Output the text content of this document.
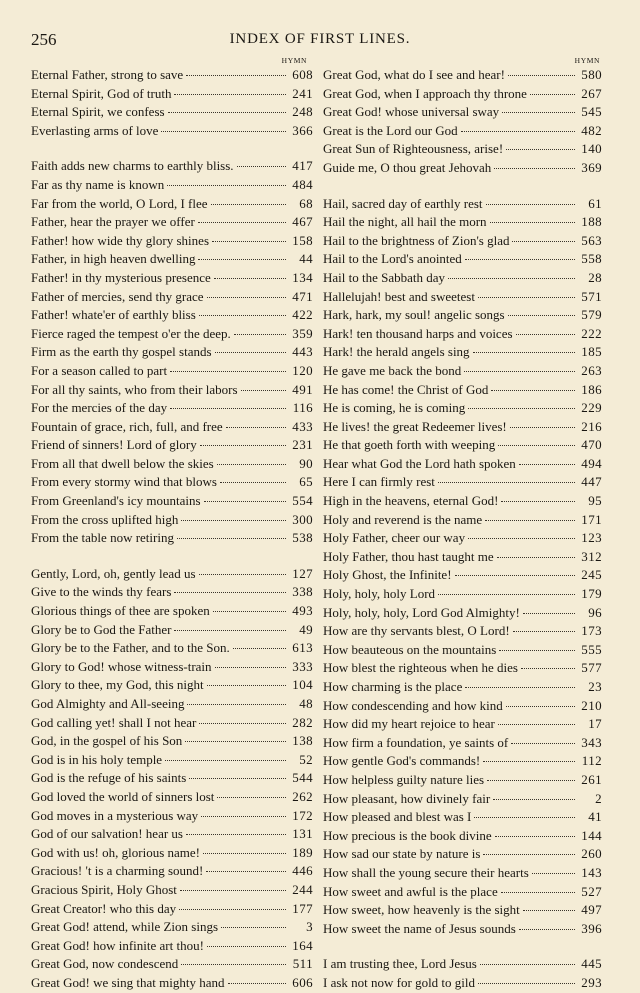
256	INDEX OF FIRST LINES.
HYMN
Eternal Father, strong to save	608
Eternal Spirit, God of truth	241
Eternal Spirit, we confess	248
Everlasting arms of love	366
Faith adds new charms to earthly bliss.	417
Far as thy name is known	484
Far from the world, O Lord, I flee	68
Father, hear the prayer we offer	467
Father! how wide thy glory shines	158
Father, in high heaven dwelling	44
Father! in thy mysterious presence	134
Father of mercies, send thy grace	471
Father! whate'er of earthly bliss	422
Fierce raged the tempest o'er the deep.	359
Firm as the earth thy gospel stands	443
For a season called to part	120
For all thy saints, who from their labors	491
For the mercies of the day	116
Fountain of grace, rich, full, and free	433
Friend of sinners! Lord of glory	231
From all that dwell below the skies	90
From every stormy wind that blows	65
From Greenland's icy mountains	554
From the cross uplifted high	300
From the table now retiring	538
Gently, Lord, oh, gently lead us	127
Give to the winds thy fears	338
Glorious things of thee are spoken	493
Glory be to God the Father	49
Glory be to the Father, and to the Son.	613
Glory to God! whose witness-train	333
Glory to thee, my God, this night	104
God Almighty and All-seeing	48
God calling yet! shall I not hear	282
God, in the gospel of his Son	138
God is in his holy temple	52
God is the refuge of his saints	544
God loved the world of sinners lost	262
God moves in a mysterious way	172
God of our salvation! hear us	131
God with us! oh, glorious name!	189
Gracious! 't is a charming sound!	446
Gracious Spirit, Holy Ghost	244
Great Creator! who this day	177
Great God! attend, while Zion sings	3
Great God! how infinite art thou!	164
Great God, now condescend	511
Great God! we sing that mighty hand	606
HYMN
Great God, what do I see and hear!	580
Great God, when I approach thy throne	267
Great God! whose universal sway	545
Great is the Lord our God	482
Great Sun of Righteousness, arise!	140
Guide me, O thou great Jehovah	369
Hail, sacred day of earthly rest	61
Hail the night, all hail the morn	188
Hail to the brightness of Zion's glad	563
Hail to the Lord's anointed	558
Hail to the Sabbath day	28
Hallelujah! best and sweetest	571
Hark, hark, my soul! angelic songs	579
Hark! ten thousand harps and voices	222
Hark! the herald angels sing	185
He gave me back the bond	263
He has come! the Christ of God	186
He is coming, he is coming	229
He lives! the great Redeemer lives!	216
He that goeth forth with weeping	470
Hear what God the Lord hath spoken	494
Here I can firmly rest	447
High in the heavens, eternal God!	95
Holy and reverend is the name	171
Holy Father, cheer our way	123
Holy Father, thou hast taught me	312
Holy Ghost, the Infinite!	245
Holy, holy, holy Lord	179
Holy, holy, holy, Lord God Almighty!	96
How are thy servants blest, O Lord!	173
How beauteous on the mountains	555
How blest the righteous when he dies	577
How charming is the place	23
How condescending and how kind	210
How did my heart rejoice to hear	17
How firm a foundation, ye saints of	343
How gentle God's commands!	112
How helpless guilty nature lies	261
How pleasant, how divinely fair	2
How pleased and blest was I	41
How precious is the book divine	144
How sad our state by nature is	260
How shall the young secure their hearts	143
How sweet and awful is the place	527
How sweet, how heavenly is the sight	497
How sweet the name of Jesus sounds	396
I am trusting thee, Lord Jesus	445
I ask not now for gold to gild	293
